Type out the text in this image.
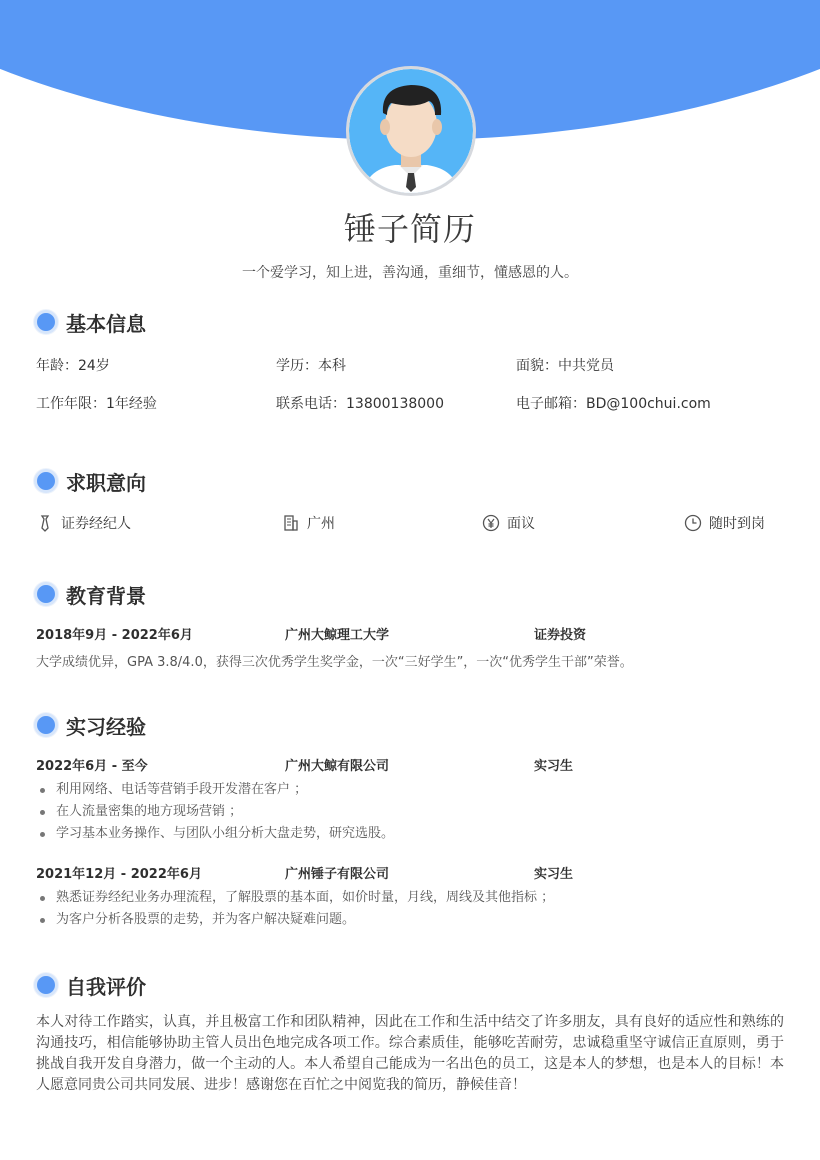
锤子简历
一个爱学习，知上进，善沟通，重细节，懂感恩的人。
基本信息
年龄：24岁	学历：本科	面貌：中共党员
工作年限：1年经验	联系电话：13800138000	电子邮箱：BD@100chui.com
求职意向
证券经纪人	广州	面议	随时到岗
教育背景
2018年9月 - 2022年6月	广州大鲸理工大学	证券投资
大学成绩优异，GPA 3.8/4.0，获得三次优秀学生奖学金，一次“三好学生”，一次“优秀学生干部”荣誉。
实习经验
2022年6月 - 至今	广州大鲸有限公司	实习生
利用网络、电话等营销手段开发潜在客户 ；
在人流量密集的地方现场营销 ；
学习基本业务操作、与团队小组分析大盘走势，研究选股。
2021年12月 - 2022年6月	广州锤子有限公司	实习生
熟悉证券经纪业务办理流程，了解股票的基本面，如价时量，月线，周线及其他指标 ；
为客户分析各股票的走势，并为客户解决疑难问题。
自我评价
本人对待工作踏实，认真，并且极富工作和团队精神，因此在工作和生活中结交了许多朋友，具有良好的适应性和熟练的沟通技巧，相信能够协助主管人员出色地完成各项工作。综合素质佳，能够吃苦耐劳，忠诚稳重坚守诚信正直原则，勇于挑战自我开发自身潜力，做一个主动的人。本人希望自己能成为一名出色的员工，这是本人的梦想，也是本人的目标！本人愿意同贵公司共同发展、进步！感谢您在百忙之中阅览我的简历，静候佳音！
